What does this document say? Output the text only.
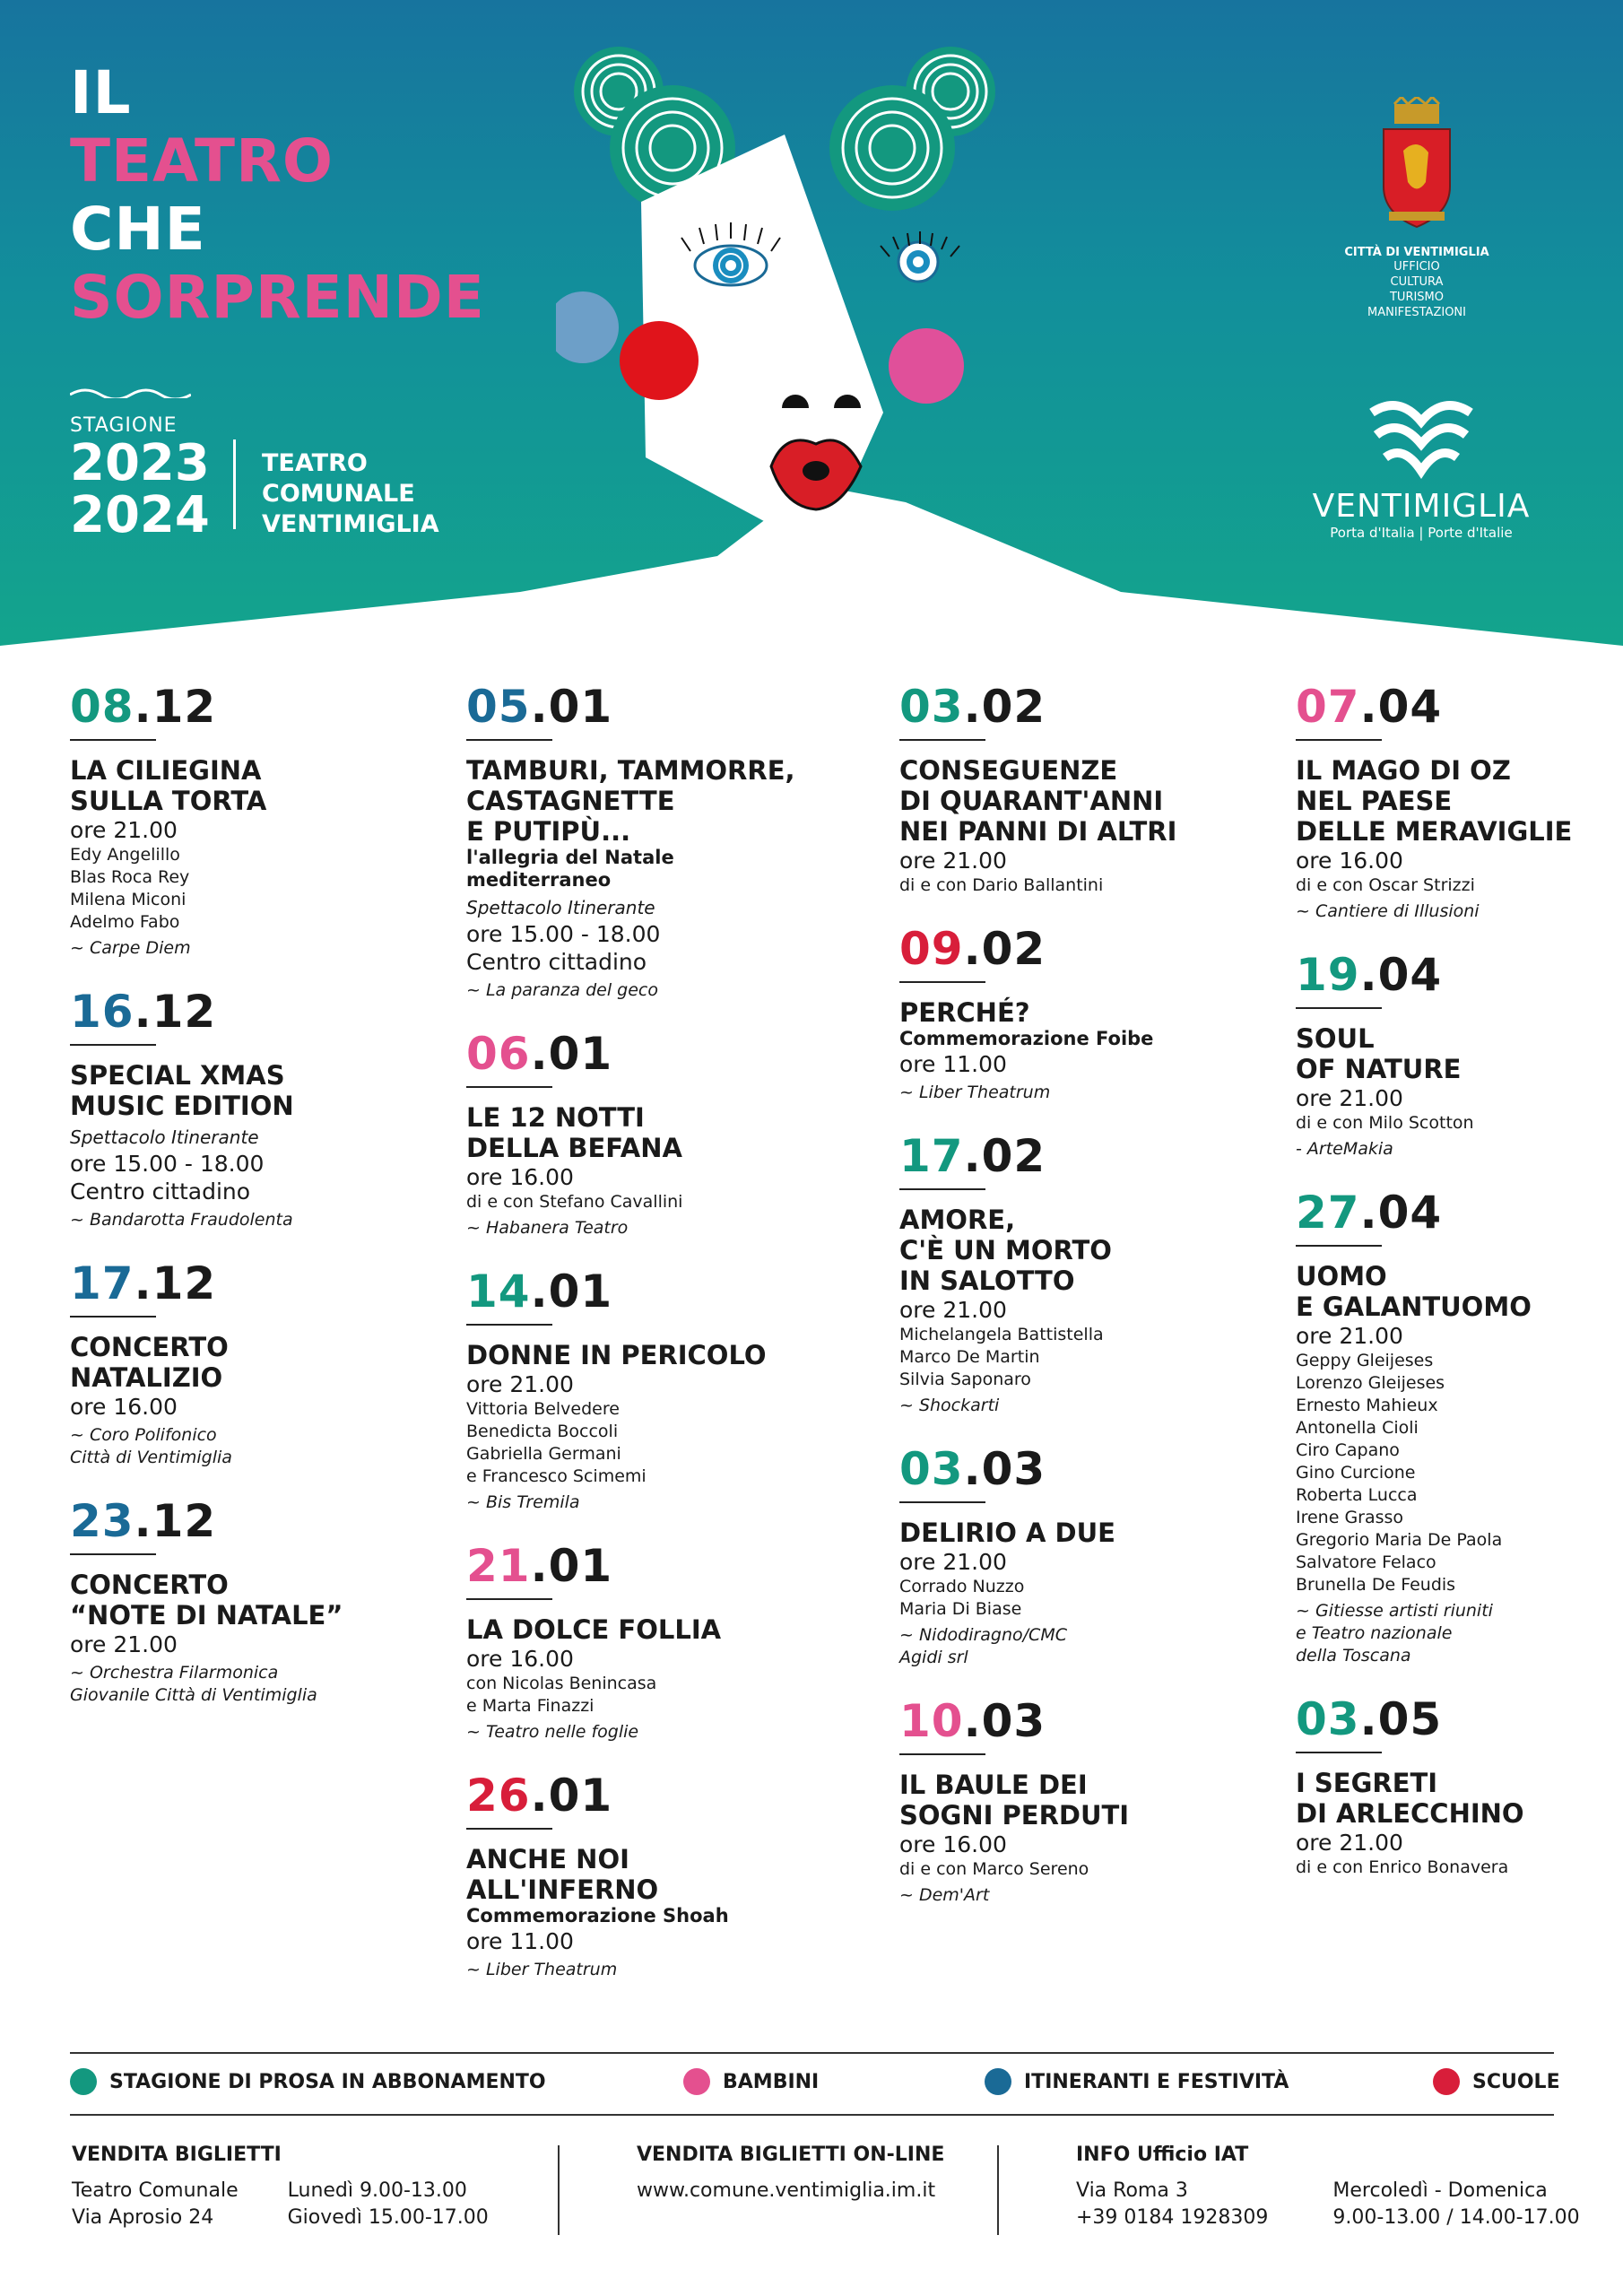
IL
TEATRO
CHE
SORPRENDE
STAGIONE
2023
2024
TEATRO
COMUNALE
VENTIMIGLIA
CITTÀ DI VENTIMIGLIA
UFFICIO
CULTURA
TURISMO
MANIFESTAZIONI
VENTIMIGLIA
Porta d'Italia | Porte d'Italie
08.12
LA CILIEGINA
SULLA TORTA
ore 21.00
Edy Angelillo
Blas Roca Rey
Milena Miconi
Adelmo Fabo
~ Carpe Diem
16.12
SPECIAL XMAS
MUSIC EDITION
Spettacolo Itinerante
ore 15.00 - 18.00
Centro cittadino
~ Bandarotta Fraudolenta
17.12
CONCERTO
NATALIZIO
ore 16.00
~ Coro Polifonico
Città di Ventimiglia
23.12
CONCERTO
“NOTE DI NATALE”
ore 21.00
~ Orchestra Filarmonica
Giovanile Città di Ventimiglia
05.01
TAMBURI, TAMMORRE,
CASTAGNETTE
E PUTIPÙ...
l'allegria del Natale
mediterraneo
Spettacolo Itinerante
ore 15.00 - 18.00
Centro cittadino
~ La paranza del geco
06.01
LE 12 NOTTI
DELLA BEFANA
ore 16.00
di e con Stefano Cavallini
~ Habanera Teatro
14.01
DONNE IN PERICOLO
ore 21.00
Vittoria Belvedere
Benedicta Boccoli
Gabriella Germani
e Francesco Scimemi
~ Bis Tremila
21.01
LA DOLCE FOLLIA
ore 16.00
con Nicolas Benincasa
e Marta Finazzi
~ Teatro nelle foglie
26.01
ANCHE NOI
ALL'INFERNO
Commemorazione Shoah
ore 11.00
~ Liber Theatrum
03.02
CONSEGUENZE
DI QUARANT'ANNI
NEI PANNI DI ALTRI
ore 21.00
di e con Dario Ballantini
09.02
PERCHÉ?
Commemorazione Foibe
ore 11.00
~ Liber Theatrum
17.02
AMORE,
C'È UN MORTO
IN SALOTTO
ore 21.00
Michelangela Battistella
Marco De Martin
Silvia Saponaro
~ Shockarti
03.03
DELIRIO A DUE
ore 21.00
Corrado Nuzzo
Maria Di Biase
~ Nidodiragno/CMC
Agidi srl
10.03
IL BAULE DEI
SOGNI PERDUTI
ore 16.00
di e con Marco Sereno
~ Dem'Art
07.04
IL MAGO DI OZ
NEL PAESE
DELLE MERAVIGLIE
ore 16.00
di e con Oscar Strizzi
~ Cantiere di Illusioni
19.04
SOUL
OF NATURE
ore 21.00
di e con Milo Scotton
- ArteMakia
27.04
UOMO
E GALANTUOMO
ore 21.00
Geppy Gleijeses
Lorenzo Gleijeses
Ernesto Mahieux
Antonella Cioli
Ciro Capano
Gino Curcione
Roberta Lucca
Irene Grasso
Gregorio Maria De Paola
Salvatore Felaco
Brunella De Feudis
~ Gitiesse artisti riuniti
e Teatro nazionale
della Toscana
03.05
I SEGRETI
DI ARLECCHINO
ore 21.00
di e con Enrico Bonavera
STAGIONE DI PROSA IN ABBONAMENTO	BAMBINI	ITINERANTI E FESTIVITÀ	SCUOLE
VENDITA BIGLIETTI
Teatro Comunale
Via Aprosio 24
Lunedì 9.00-13.00
Giovedì 15.00-17.00
VENDITA BIGLIETTI ON-LINE
www.comune.ventimiglia.im.it
INFO Ufficio IAT
Via Roma 3
+39 0184 1928309
Mercoledì - Domenica
9.00-13.00 / 14.00-17.00
